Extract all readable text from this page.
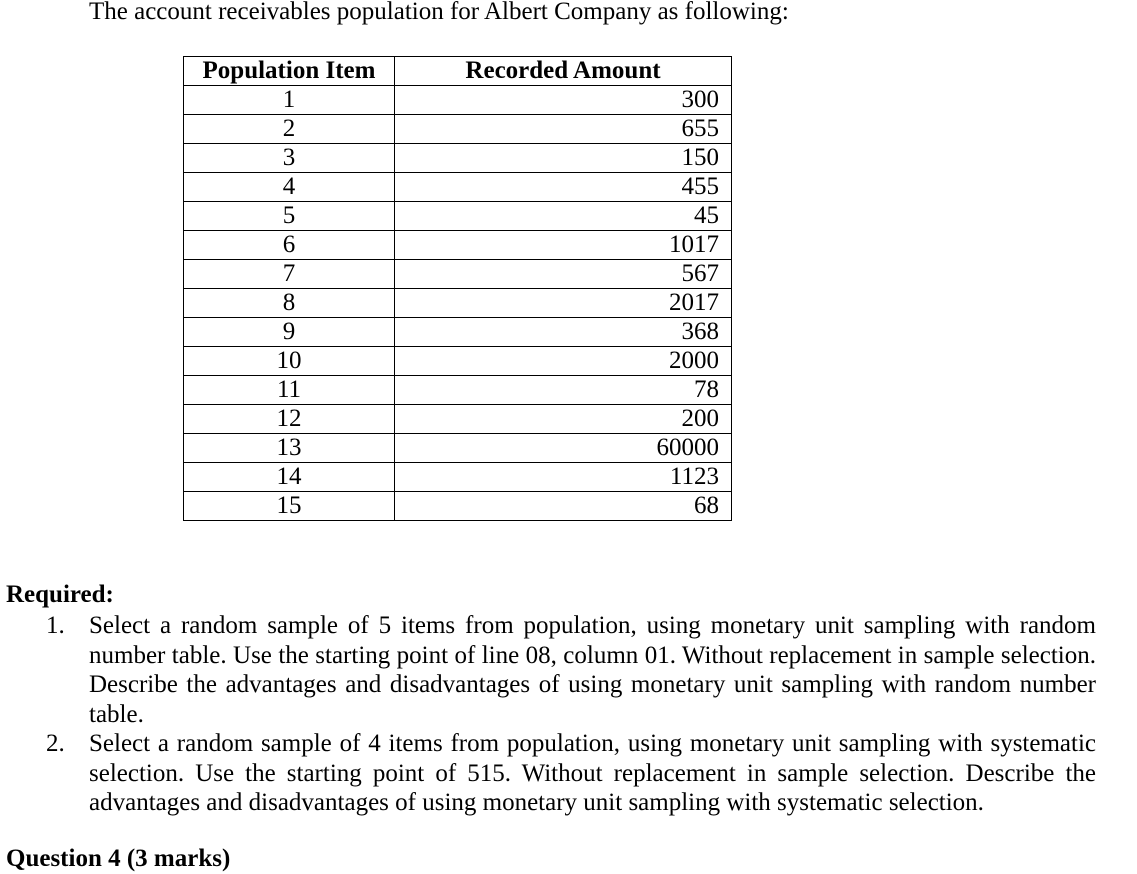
The account receivables population for Albert Company as following:
Population Item	Recorded Amount
1	300
2	655
3	150
4	455
5	45
6	1017
7	567
8	2017
9	368
10	2000
11	78
12	200
13	60000
14	1123
15	68
Required:
1. Select a random sample of 5 items from population, using monetary unit sampling with random number table. Use the starting point of line 08, column 01. Without replacement in sample selection. Describe the advantages and disadvantages of using monetary unit sampling with random number table.
2. Select a random sample of 4 items from population, using monetary unit sampling with systematic selection. Use the starting point of 515. Without replacement in sample selection. Describe the advantages and disadvantages of using monetary unit sampling with systematic selection.
Question 4 (3 marks)
